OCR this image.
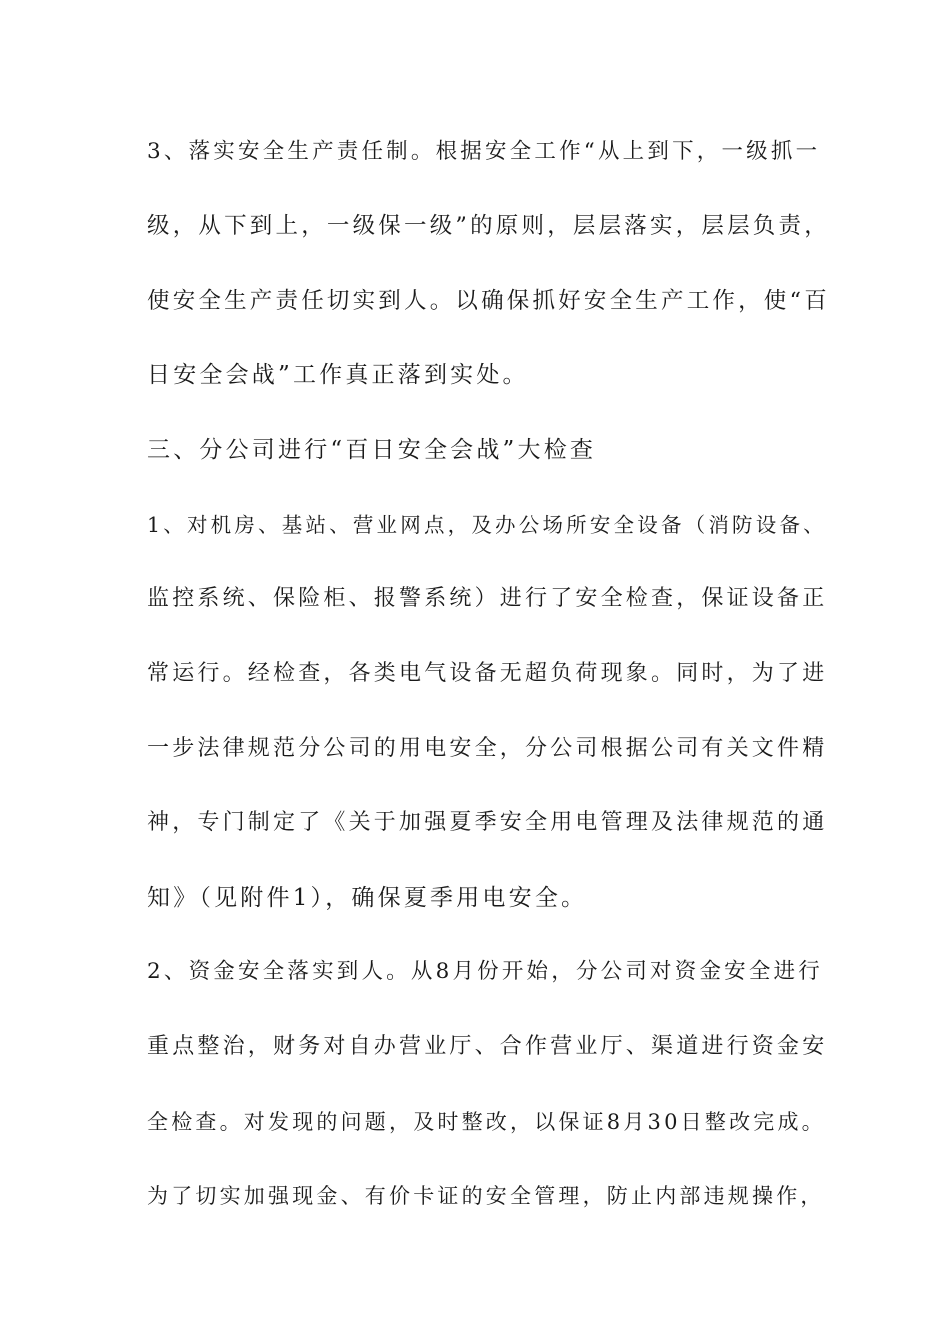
3、落实安全生产责任制。根据安全工作“从上到下，一级抓一
级，从下到上，一级保一级”的原则，层层落实，层层负责，
使安全生产责任切实到人。以确保抓好安全生产工作，使“百
日安全会战”工作真正落到实处。
三、分公司进行“百日安全会战”大检查
1、对机房、基站、营业网点，及办公场所安全设备（消防设备、
监控系统、保险柜、报警系统）进行了安全检查，保证设备正
常运行。经检查，各类电气设备无超负荷现象。同时，为了进
一步法律规范分公司的用电安全，分公司根据公司有关文件精
神，专门制定了《关于加强夏季安全用电管理及法律规范的通
知》（见附件1），确保夏季用电安全。
2、资金安全落实到人。从8月份开始，分公司对资金安全进行
重点整治，财务对自办营业厅、合作营业厅、渠道进行资金安
全检查。对发现的问题，及时整改，以保证8月30日整改完成。
为了切实加强现金、有价卡证的安全管理，防止内部违规操作，
